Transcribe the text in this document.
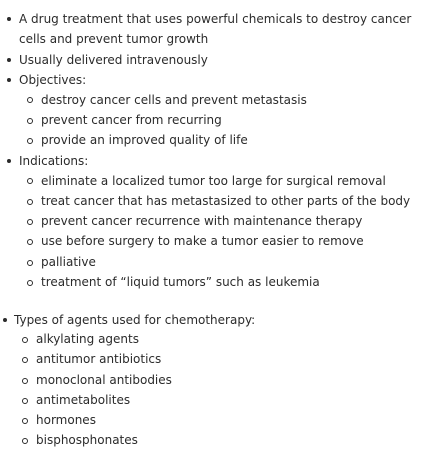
A drug treatment that uses powerful chemicals to destroy cancer
cells and prevent tumor growth
Usually delivered intravenously
Objectives:
destroy cancer cells and prevent metastasis
prevent cancer from recurring
provide an improved quality of life
Indications:
eliminate a localized tumor too large for surgical removal
treat cancer that has metastasized to other parts of the body
prevent cancer recurrence with maintenance therapy
use before surgery to make a tumor easier to remove
palliative
treatment of “liquid tumors” such as leukemia
Types of agents used for chemotherapy:
alkylating agents
antitumor antibiotics
monoclonal antibodies
antimetabolites
hormones
bisphosphonates
